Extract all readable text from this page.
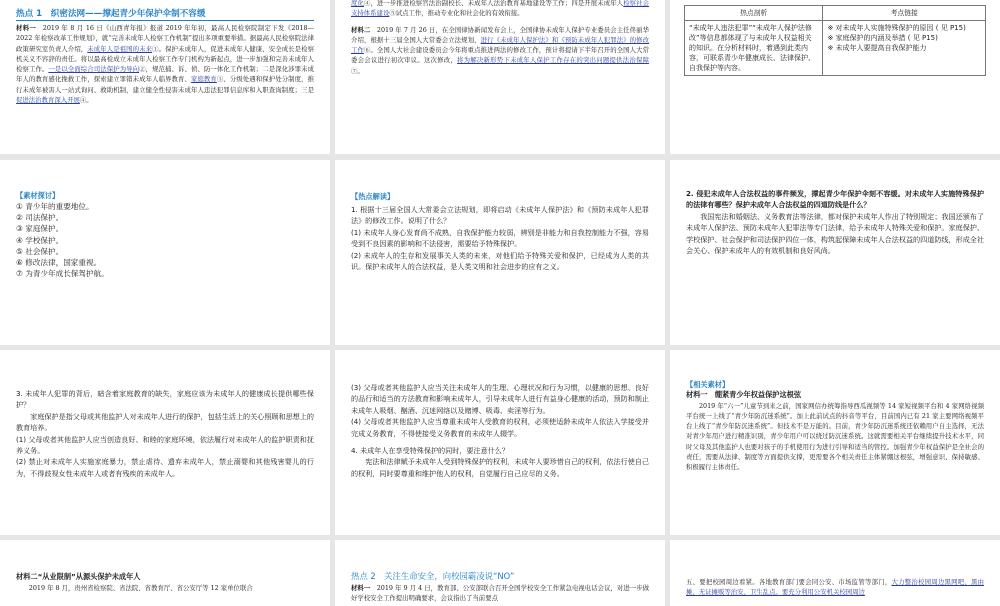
热点 1　织密法网——撑起青少年保护伞制不容缓

材料一　2019 年 8 月 16 日《山西青年报》报道 2019 年年初，最高人民检察院制定下发《2018—2022 年检察改革工作规划》，就“完善未成年人检察工作机制”提出多项重要举措。据最高人民检察院法律政策研究室负责人介绍，未成年人是祖国的未来①。保护未成年人，促进未成年人健康、安全成长是检察机关义不容辞的责任。将以最高检成立未成年人检察工作专门机构为新起点，进一步加强和完善未成年人检察工作。一是以全面综合司法保护为导向②，规范捕、诉、侦、防一体化工作机制；二是深化涉罪未成年人的教育感化挽救工作，探索建立罪错未成年人临界教育、家庭教育③、分级处遇和保护处分制度，推行未成年被害人一站式询问、救助机制，建立健全性侵害未成年人违法犯罪信息库和入职查询制度；三是促进法治教育深入开展④。

度化④，进一步推进检察官法治副校长、未成年人法治教育基地建设等工作；四是开展未成年人检察社会支持体系建设⑤试点工作，推动专业化和社会化的有效衔接。

材料二　2019 年 7 月 26 日，在全国律协新闻发布会上，全国律协未成年人保护专业委员会主任佟丽华介绍，根据十三届全国人大常委会立法规划，进行《未成年人保护法》和《预防未成年人犯罪法》的修改工作⑥。全国人大社会建设委员会今年将重点推进两法的修改工作，预计将提请下半年召开的全国人大常委会会议进行初次审议。这次修改，将为解决新形势下未成年人保护工作存在的突出问题提供法治保障⑦。

热点剖析	考点链接
“未成年人违法犯罪”“未成年人保护法修改”等信息都体现了与未成年人权益相关的知识。在分析材料时，着遇到此类内容，可联系青少年健康成长、法律保护、自我保护等内容。	※ 对未成年人实施特殊保护的原因 ( 见 P15)
※ 家庭保护的内涵及举措 ( 见 P15)
※ 未成年人要提高自我保护能力
【素材探讨】
① 青少年的重要地位。
② 司法保护。
③ 家庭保护。
④ 学校保护。
⑤ 社会保护。
⑥ 修改法律，国家重视。
⑦ 为青少年成长保驾护航。
【热点解读】

1. 根据十三届全国人大常委会立法规划，即将启动《未成年人保护法》和《预防未成年人犯罪法》的修改工作。说明了什么？

(1) 未成年人身心发育尚不成熟，自我保护能力较弱，辨别是非能力和自我控制能力不强，容易受到不良因素的影响和不法侵害，需要给予特殊保护。

(2) 未成年人的生存和发展事关人类的未来，对他们给予特殊关爱和保护，已经成为人类的共识。保护未成年人的合法权益，是人类文明和社会进步的应有之义。

2. 侵犯未成年人合法权益的事件频发，撑起青少年保护伞刻不容缓。对未成年人实施特殊保护的法律有哪些？保护未成年人合法权益的四道防线是什么？

　　我国宪法和婚姻法、义务教育法等法律，都对保护未成年人作出了特别规定；我国还颁布了未成年人保护法、预防未成年人犯罪法等专门法律，给予未成年人特殊关爱和保护。家庭保护、学校保护、社会保护和司法保护四位一体，构筑起保障未成年人合法权益的四道防线，形成全社会关心、保护未成年人的有效机制和良好风尚。

3. 未成年人犯罪的背后，暗含着家庭教育的缺失，家庭应该为未成年人的健康成长提供哪些保护？

　　家庭保护是指父母或其他监护人对未成年人进行的保护，包括生活上的关心照顾和思想上的教育培养。

(1) 父母或者其他监护人应当创造良好、和睦的家庭环境，依法履行对未成年人的监护职责和抚养义务。

(2) 禁止对未成年人实施家庭暴力，禁止虐待、遗弃未成年人，禁止溺婴和其他残害婴儿的行为，不得歧视女性未成年人或者有残疾的未成年人。

(3) 父母或者其他监护人应当关注未成年人的生理、心理状况和行为习惯，以健康的思想、良好的品行和适当的方法教育和影响未成年人，引导未成年人进行有益身心健康的活动，预防和制止未成年人吸烟、酗酒、沉迷网络以及赌博、吸毒、卖淫等行为。

(4) 父母或者其他监护人应当尊重未成年人受教育的权利，必须使适龄未成年人依法入学接受并完成义务教育，不得使接受义务教育的未成年人辍学。

4. 未成年人在享受特殊保护的同时，要注意什么？

　　宪法和法律赋予未成年人受到特殊保护的权利，未成年人要珍惜自己的权利，依法行使自己的权利，同时要尊重和维护他人的权利，自觉履行自己应尽的义务。

【相关素材】
材料一　绷紧青少年权益保护这根弦

　　2019 年“六一”儿童节到来之前，国家网信办统筹指导西瓜视频等 14 家短视频平台和 4 家网络视频平台统一上线了“青少年防沉迷系统”。加上此前试点的抖音等平台，目前国内已有 21 家主要网络视频平台上线了“青少年防沉迷系统”。但技术不是万能的。目前，青少年防沉迷系统还依赖用户自主选择，无法对青少年用户进行精准识别，青少年用户可以绕过防沉迷系统。这就需要相关平台继续提升技术水平，同时父母及其他监护人也要对孩子的手机使用行为进行引导和适当的管控。加强青少年权益保护是全社会的责任，需要从法律、制度等方面提供支撑，更需要各个相关责任主体紧绷这根弦，增强意识、保持敏感、积极履行主体责任。

材料二“从业限制”从源头保护未成年人

　　2019 年 8 月，贵州省检察院、省法院、省教育厅、省公安厅等 12 家单位联合

热点 2　关注生命安全，向校园霸凌说“NO”

材料一　2019 年 9 月 4 日，教育部、公安部联合召开全国学校安全工作紧急电视电话会议，对进一步做好学校安全工作提出明确要求，会议指出了当前要点

五、要把校园周边看紧。各地教育部门要会同公安、市场监管等部门，大力整治校园周边黑网吧、黑由摊、无证摊贩等治安、卫生乱点。要充分利用公安机关校园周边
